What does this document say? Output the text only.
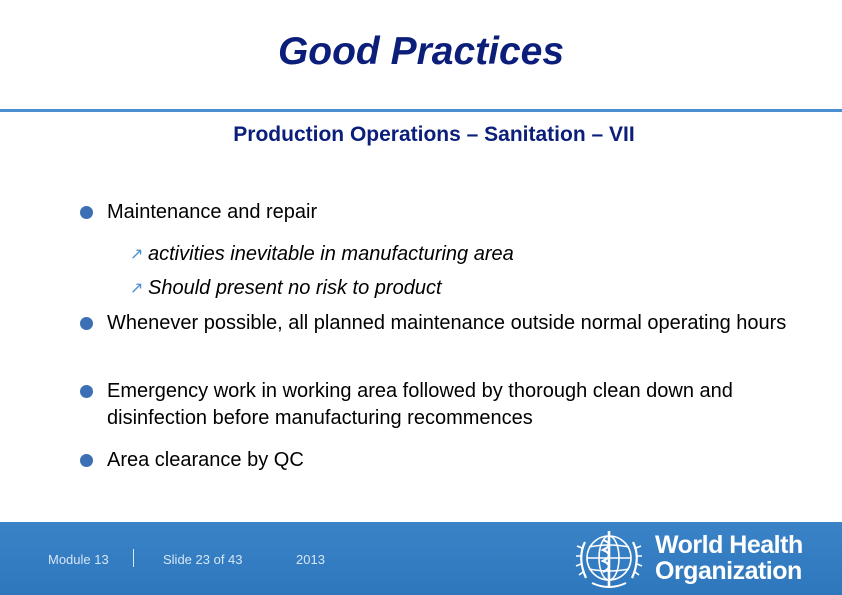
Good Practices
Production Operations – Sanitation – VII
Maintenance and repair
↗ activities inevitable in manufacturing area
↗ Should present no risk to product
Whenever possible, all planned maintenance outside normal operating hours
Emergency work in working area followed by thorough clean down and disinfection before manufacturing recommences
Area clearance by QC
Module 13	Slide 23 of 43	2013
World Health
Organization
